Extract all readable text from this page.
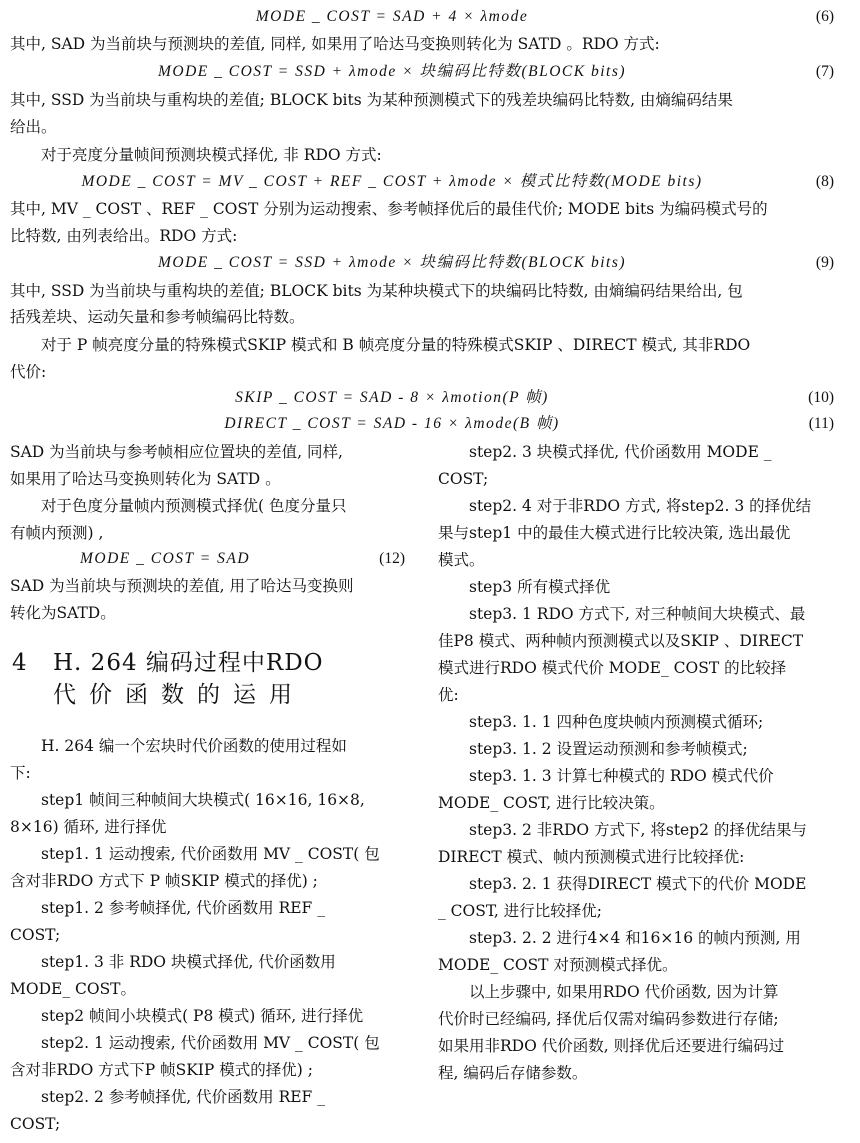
MODE _ COST = SAD + 4 × λmode	(6)
其中, SAD 为当前块与预测块的差值, 同样, 如果用了哈达马变换则转化为 SATD 。RDO 方式:
MODE _ COST = SSD + λmode × 块编码比特数(BLOCK bits)	(7)
其中, SSD 为当前块与重构块的差值; BLOCK bits 为某种预测模式下的残差块编码比特数, 由熵编码结果
给出。
对于亮度分量帧间预测块模式择优, 非 RDO 方式:
MODE _ COST = MV _ COST + REF _ COST + λmode × 模式比特数(MODE bits)	(8)
其中, MV _ COST 、REF _ COST 分别为运动搜索、参考帧择优后的最佳代价; MODE bits 为编码模式号的
比特数, 由列表给出。RDO 方式:
MODE _ COST = SSD + λmode × 块编码比特数(BLOCK bits)	(9)
其中, SSD 为当前块与重构块的差值; BLOCK bits 为某种块模式下的块编码比特数, 由熵编码结果给出, 包
括残差块、运动矢量和参考帧编码比特数。
对于 P 帧亮度分量的特殊模式SKIP 模式和 B 帧亮度分量的特殊模式SKIP 、DIRECT 模式, 其非RDO
代价:
SKIP _ COST = SAD - 8 × λmotion(P 帧)	(10)
DIRECT _ COST = SAD - 16 × λmode(B 帧)	(11)
SAD 为当前块与参考帧相应位置块的差值, 同样,
如果用了哈达马变换则转化为 SATD 。
对于色度分量帧内预测模式择优( 色度分量只
有帧内预测) ,
MODE _ COST = SAD	(12)
SAD 为当前块与预测块的差值, 用了哈达马变换则
转化为SATD。
4 H. 264 编码过程中RDO
代价函数的运用
H. 264 编一个宏块时代价函数的使用过程如
下:
step1 帧间三种帧间大块模式( 16×16, 16×8,
8×16) 循环, 进行择优
step1. 1 运动搜索, 代价函数用 MV _ COST( 包
含对非RDO 方式下 P 帧SKIP 模式的择优) ;
step1. 2 参考帧择优, 代价函数用 REF _
COST;
step1. 3 非 RDO 块模式择优, 代价函数用
MODE_ COST。
step2 帧间小块模式( P8 模式) 循环, 进行择优
step2. 1 运动搜索, 代价函数用 MV _ COST( 包
含对非RDO 方式下P 帧SKIP 模式的择优) ;
step2. 2 参考帧择优, 代价函数用 REF _
COST;
step2. 3 块模式择优, 代价函数用 MODE _
COST;
step2. 4 对于非RDO 方式, 将step2. 3 的择优结
果与step1 中的最佳大模式进行比较决策, 选出最优
模式。
step3 所有模式择优
step3. 1 RDO 方式下, 对三种帧间大块模式、最
佳P8 模式、两种帧内预测模式以及SKIP 、DIRECT
模式进行RDO 模式代价 MODE_ COST 的比较择
优:
step3. 1. 1 四种色度块帧内预测模式循环;
step3. 1. 2 设置运动预测和参考帧模式;
step3. 1. 3 计算七种模式的 RDO 模式代价
MODE_ COST, 进行比较决策。
step3. 2 非RDO 方式下, 将step2 的择优结果与
DIRECT 模式、帧内预测模式进行比较择优:
step3. 2. 1 获得DIRECT 模式下的代价 MODE
_ COST, 进行比较择优;
step3. 2. 2 进行4×4 和16×16 的帧内预测, 用
MODE_ COST 对预测模式择优。
以上步骤中, 如果用RDO 代价函数, 因为计算
代价时已经编码, 择优后仅需对编码参数进行存储;
如果用非RDO 代价函数, 则择优后还要进行编码过
程, 编码后存储参数。
